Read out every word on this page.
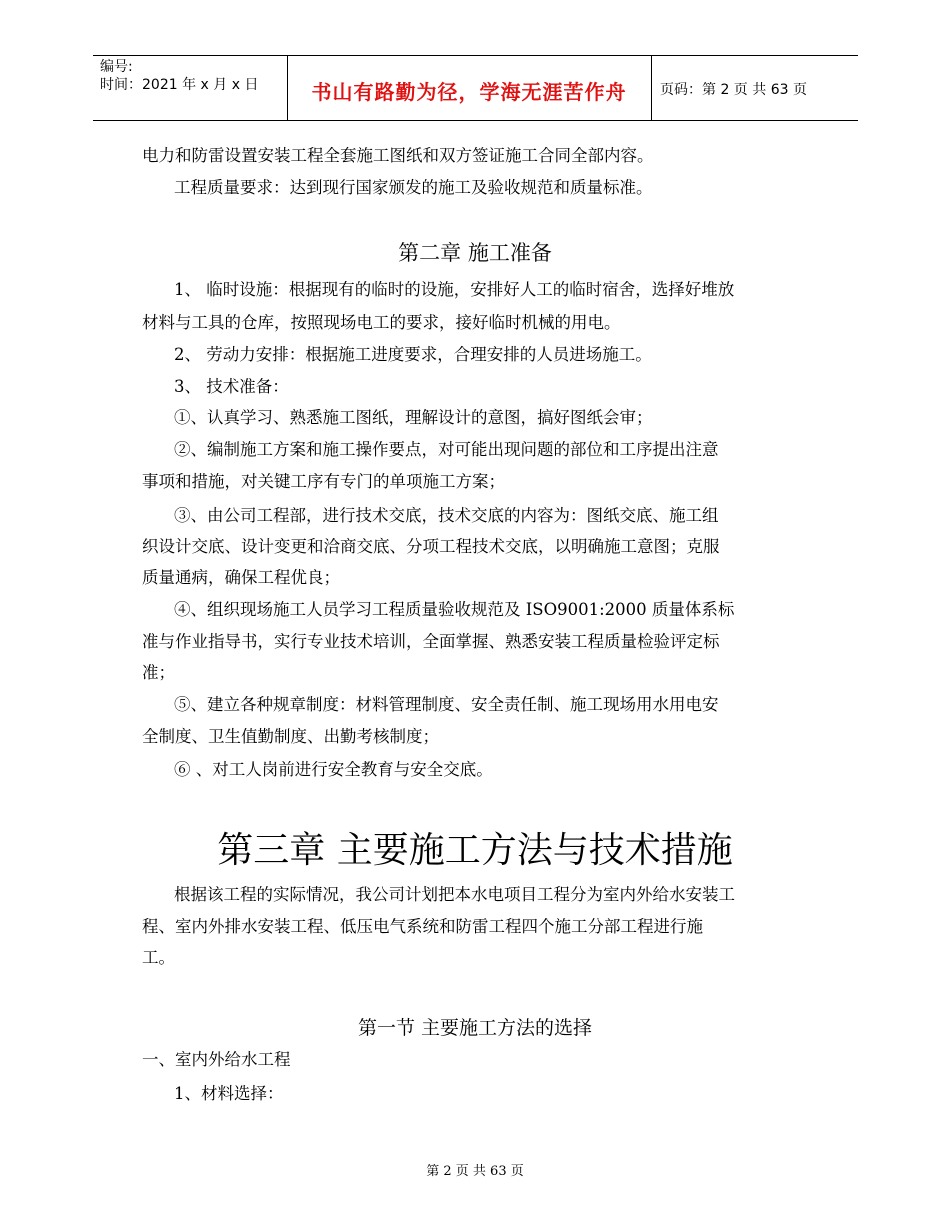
编号:
时间：2021 年 x 月 x 日	书山有路勤为径，学海无涯苦作舟	页码：第 2 页 共 63 页
电力和防雷设置安装工程全套施工图纸和双方签证施工合同全部内容。
工程质量要求：达到现行国家颁发的施工及验收规范和质量标准。
第二章 施工准备
1、 临时设施：根据现有的临时的设施，安排好人工的临时宿舍，选择好堆放
材料与工具的仓库，按照现场电工的要求，接好临时机械的用电。
2、 劳动力安排：根据施工进度要求，合理安排的人员进场施工。
3、 技术准备：
①、认真学习、熟悉施工图纸，理解设计的意图，搞好图纸会审；
②、编制施工方案和施工操作要点，对可能出现问题的部位和工序提出注意
事项和措施，对关键工序有专门的单项施工方案；
③、由公司工程部，进行技术交底，技术交底的内容为：图纸交底、施工组
织设计交底、设计变更和洽商交底、分项工程技术交底，以明确施工意图；克服
质量通病，确保工程优良；
④、组织现场施工人员学习工程质量验收规范及 ISO9001:2000 质量体系标
准与作业指导书，实行专业技术培训，全面掌握、熟悉安装工程质量检验评定标
准；
⑤、建立各种规章制度：材料管理制度、安全责任制、施工现场用水用电安
全制度、卫生值勤制度、出勤考核制度；
⑥ 、对工人岗前进行安全教育与安全交底。
第三章 主要施工方法与技术措施
根据该工程的实际情况，我公司计划把本水电项目工程分为室内外给水安装工
程、室内外排水安装工程、低压电气系统和防雷工程四个施工分部工程进行施
工。
第一节 主要施工方法的选择
一、室内外给水工程
1、材料选择：
第 2 页 共 63 页
